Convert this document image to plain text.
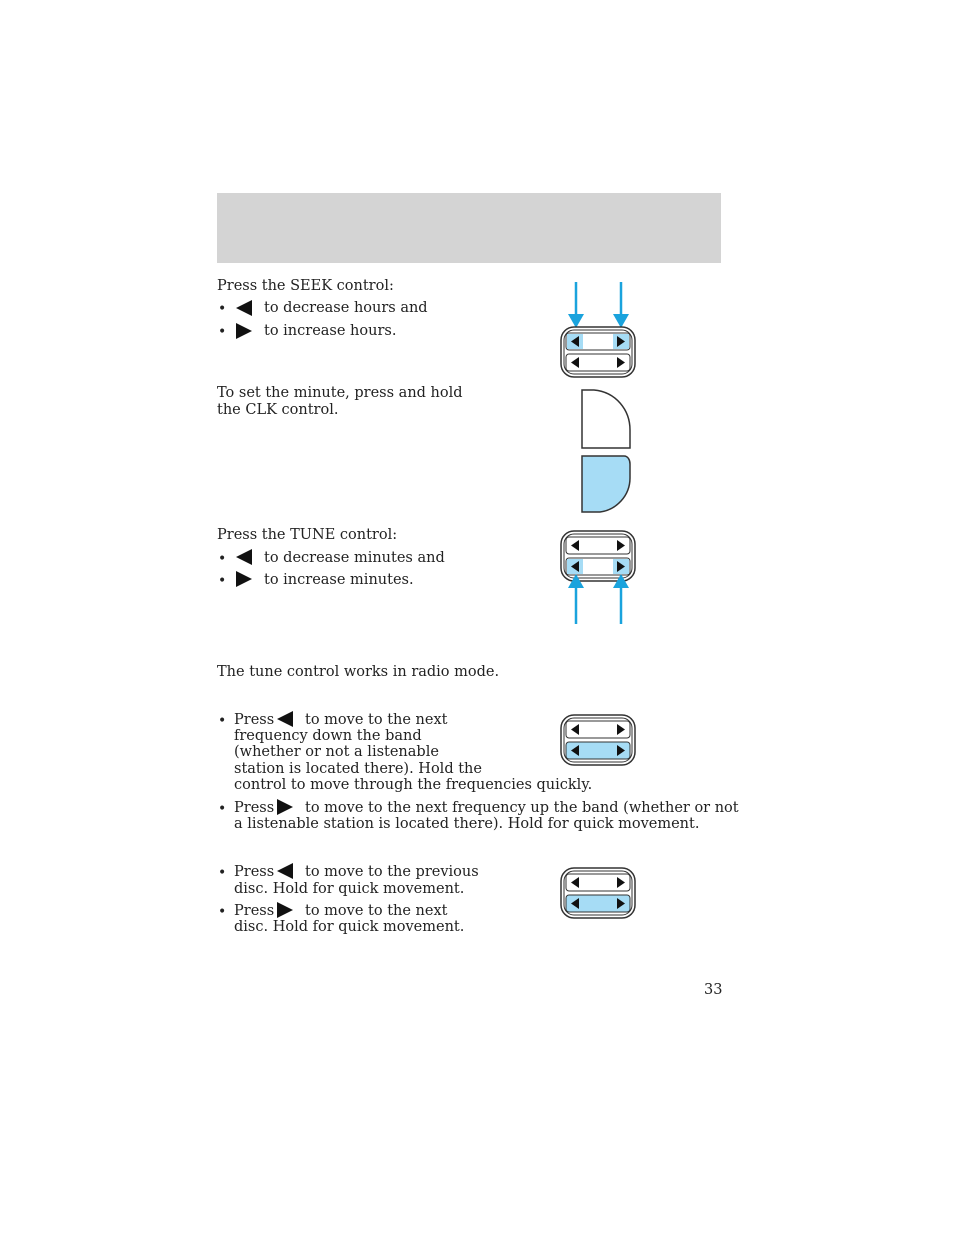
Press the SEEK control:
•	to decrease hours and
•	to increase hours.
To set the minute, press and hold
the CLK control.
Press the TUNE control:
•	to decrease minutes and
•	to increase minutes.
The tune control works in radio mode.
• Press to move to the next
frequency down the band
(whether or not a listenable
station is located there). Hold the
control to move through the frequencies quickly.
• Press to move to the next frequency up the band (whether or not
a listenable station is located there). Hold for quick movement.
• Press to move to the previous
disc. Hold for quick movement.
• Press to move to the next
disc. Hold for quick movement.
33
